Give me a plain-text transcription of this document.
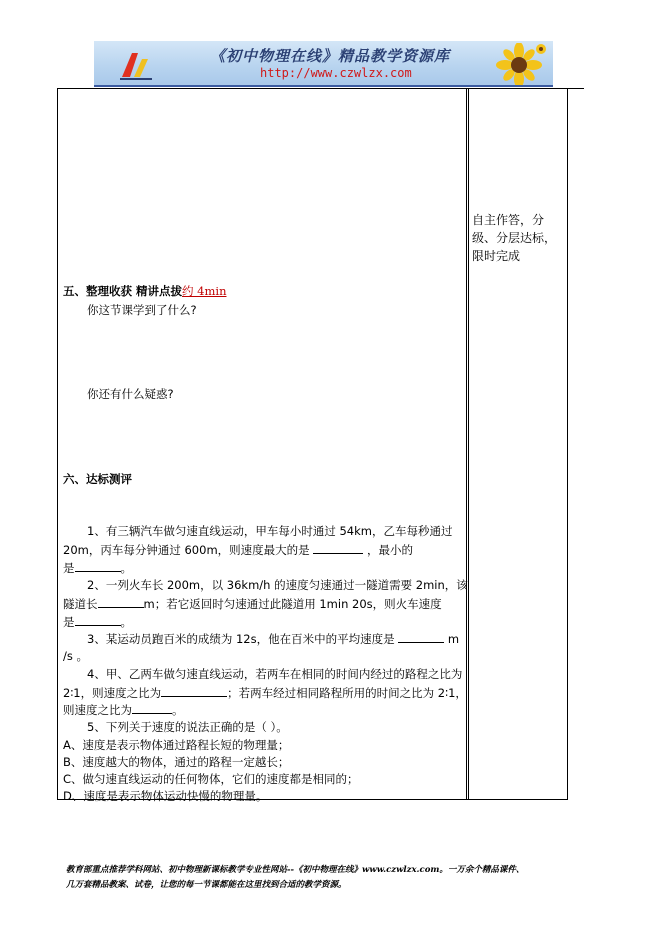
《初中物理在线》精品教学资源库
http://www.czwlzx.com
自主作答，分级、分层达标，限时完成
五、整理收获 精讲点拔约 4min
你这节课学到了什么?
你还有什么疑惑?
六、达标测评
1、有三辆汽车做匀速直线运动，甲车每小时通过 54km，乙车每秒通过
20m，丙车每分钟通过 600m，则速度最大的是	，最小的
是	。
2、一列火车长 200m，以 36km/h 的速度匀速通过一隧道需要 2min，该
隧道长	m；若它返回时匀速通过此隧道用 1min 20s，则火车速度
是	。
3、某运动员跑百米的成绩为 12s，他在百米中的平均速度是	m
/s 。
4、甲、乙两车做匀速直线运动，若两车在相同的时间内经过的路程之比为
2∶1，则速度之比为	；若两车经过相同路程所用的时间之比为 2∶1，
则速度之比为	。
5、下列关于速度的说法正确的是（ ）。
A、速度是表示物体通过路程长短的物理量；
B、速度越大的物体，通过的路程一定越长；
C、做匀速直线运动的任何物体，它们的速度都是相同的；
D、速度是表示物体运动快慢的物理量。
教育部重点推荐学科网站、初中物理新课标教学专业性网站--《初中物理在线》www.czwlzx.com。一万余个精品课件、
几万套精品教案、试卷，让您的每一节课都能在这里找到合适的教学资源。
